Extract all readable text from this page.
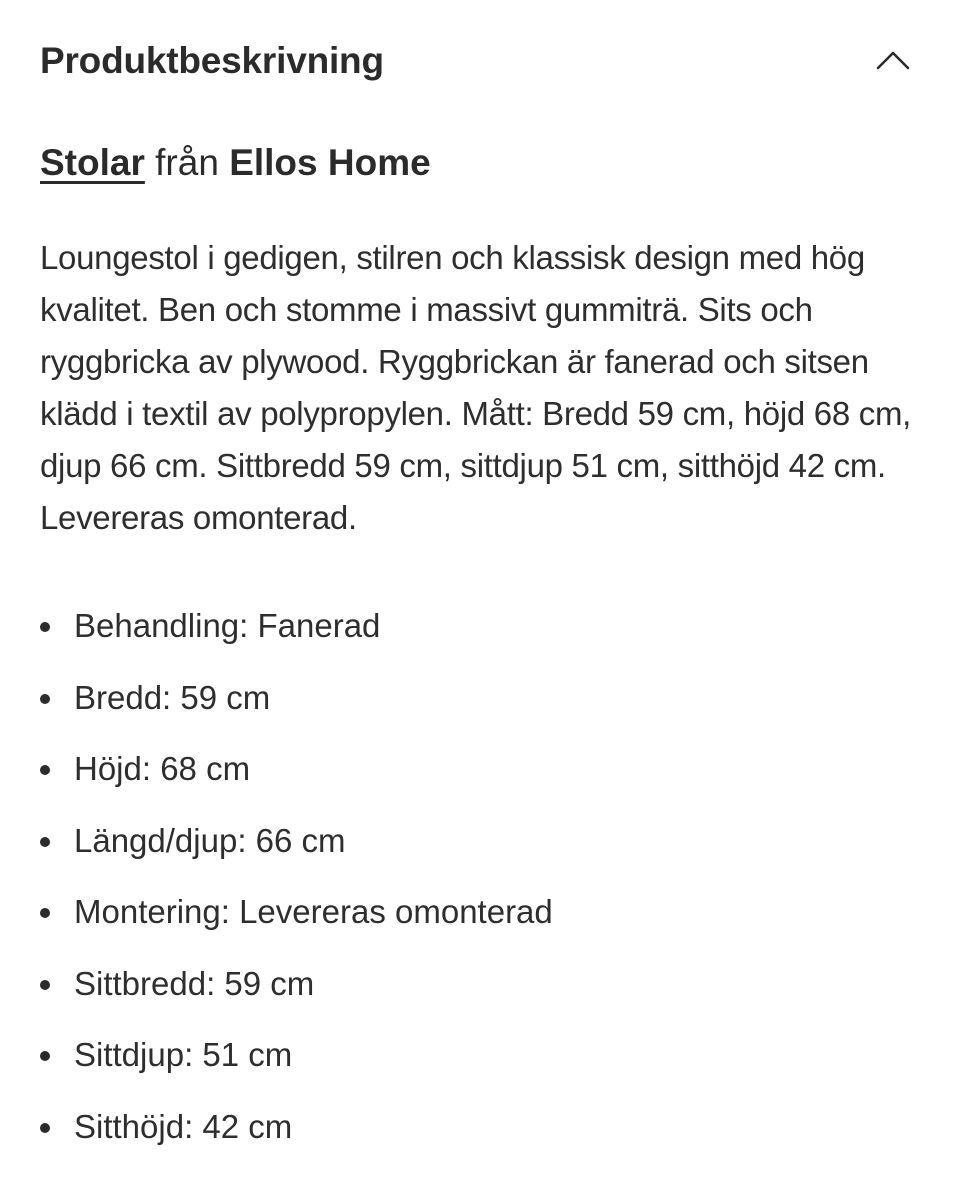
Produktbeskrivning
Stolar från Ellos Home

Loungestol i gedigen, stilren och klassisk design med hög kvalitet. Ben och stomme i massivt gummiträ. Sits och ryggbricka av plywood. Ryggbrickan är fanerad och sitsen klädd i textil av polypropylen. Mått: Bredd 59 cm, höjd 68 cm, djup 66 cm. Sittbredd 59 cm, sittdjup 51 cm, sitthöjd 42 cm. Levereras omonterad.

Behandling: Fanerad
Bredd: 59 cm
Höjd: 68 cm
Längd/djup: 66 cm
Montering: Levereras omonterad
Sittbredd: 59 cm
Sittdjup: 51 cm
Sitthöjd: 42 cm
